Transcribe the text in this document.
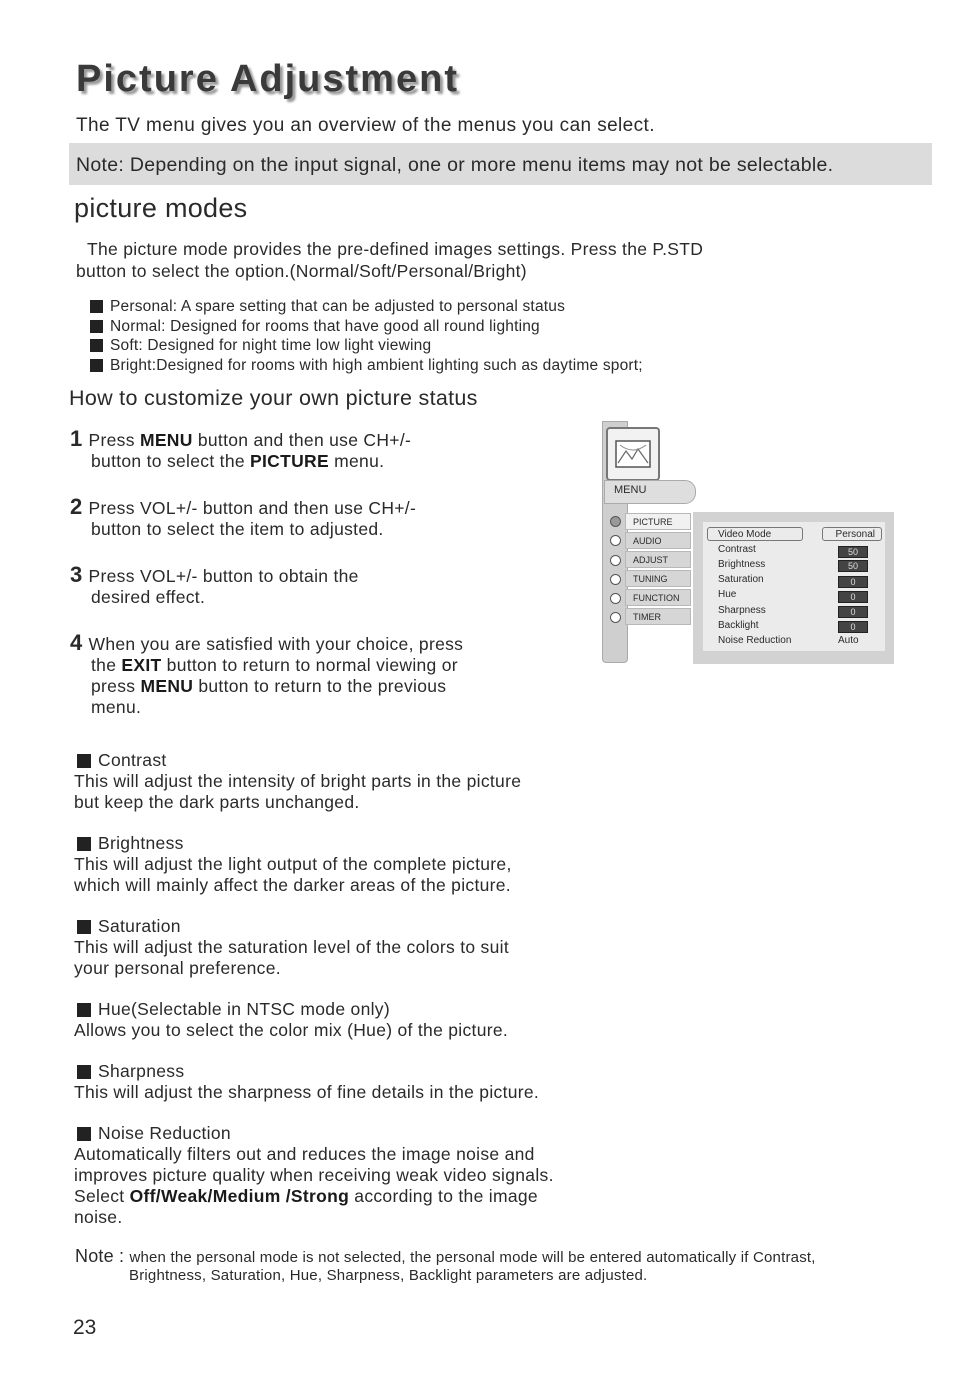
Picture Adjustment
The TV menu gives you an overview of the menus you can select.
Note: Depending on the input signal, one or more menu items may not be selectable.
picture modes
The picture mode provides the pre-defined images settings. Press the P.STD
button to select the option.(Normal/Soft/Personal/Bright)
Personal: A spare setting that can be adjusted to personal status
Normal: Designed for rooms that have good all round lighting
Soft: Designed for night time low light viewing
Bright:Designed for rooms with high ambient lighting such as daytime sport;
How to customize your own picture status
1 Press MENU button and then use CH+/-
button to select the PICTURE menu.
2 Press VOL+/- button and then use CH+/-
button to select the item to adjusted.
3 Press VOL+/- button to obtain the
desired effect.
4 When you are satisfied with your choice, press
the EXIT button to return to normal viewing or
press MENU button to return to the previous
menu.
MENU
PICTURE
AUDIO
ADJUST
TUNING
FUNCTION
TIMER
Video Mode	Personal
Contrast	50
Brightness	50
Saturation	0
Hue	0
Sharpness	0
Backlight	0
Noise Reduction	Auto
Contrast
This will adjust the intensity of bright parts in the picture
but keep the dark parts unchanged.
Brightness
This will adjust the light output of the complete picture,
which will mainly affect the darker areas of the picture.
Saturation
This will adjust the saturation level of the colors to suit
your personal preference.
Hue(Selectable in NTSC mode only)
Allows you to select the color mix (Hue) of the picture.
Sharpness
This will adjust the sharpness of fine details in the picture.
Noise Reduction
Automatically filters out and reduces the image noise and
improves picture quality when receiving weak video signals.
Select Off/Weak/Medium /Strong according to the image
noise.
Note : when the personal mode is not selected, the personal mode will be entered automatically if Contrast,
Brightness, Saturation, Hue, Sharpness, Backlight parameters are adjusted.
23
